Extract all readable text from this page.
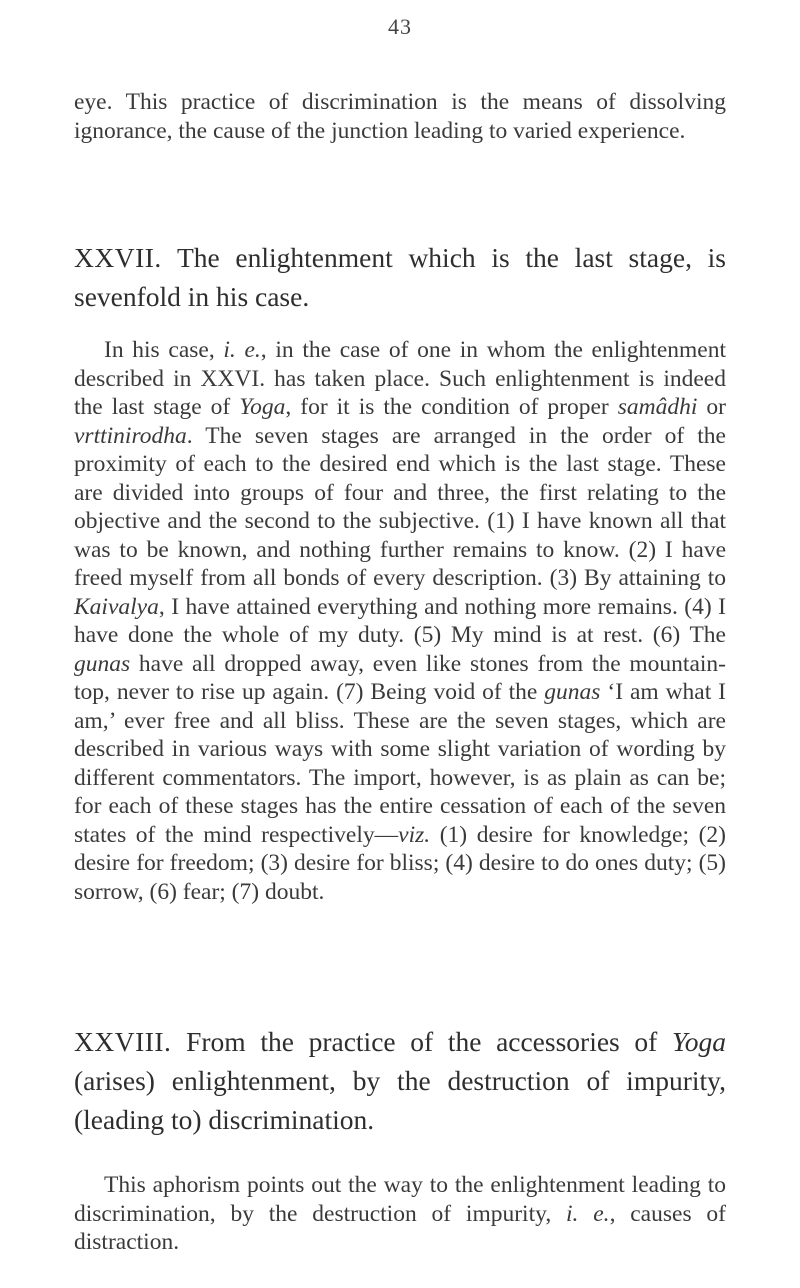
43

eye. This practice of discrimination is the means of dissolving ignorance, the cause of the junction leading to varied experience.

XXVII. The enlightenment which is the last stage, is sevenfold in his case.

In his case, i. e., in the case of one in whom the enlightenment described in XXVI. has taken place. Such enlightenment is indeed the last stage of Yoga, for it is the condition of proper samâdhi or vrttinirodha. The seven stages are arranged in the order of the proximity of each to the desired end which is the last stage. These are divided into groups of four and three, the first relating to the objective and the second to the subjective. (1) I have known all that was to be known, and nothing further remains to know. (2) I have freed myself from all bonds of every description. (3) By attaining to Kaivalya, I have attained everything and nothing more remains. (4) I have done the whole of my duty. (5) My mind is at rest. (6) The gunas have all dropped away, even like stones from the mountain-top, never to rise up again. (7) Being void of the gunas ‘I am what I am,’ ever free and all bliss. These are the seven stages, which are described in various ways with some slight variation of wording by different commentators. The import, however, is as plain as can be; for each of these stages has the entire cessation of each of the seven states of the mind respectively—viz. (1) desire for knowledge; (2) desire for freedom; (3) desire for bliss; (4) desire to do ones duty; (5) sorrow, (6) fear; (7) doubt.

XXVIII. From the practice of the accessories of Yoga (arises) enlightenment, by the destruction of impurity, (leading to) discrimination.

This aphorism points out the way to the enlightenment leading to discrimination, by the destruction of impurity, i. e., causes of distraction.
